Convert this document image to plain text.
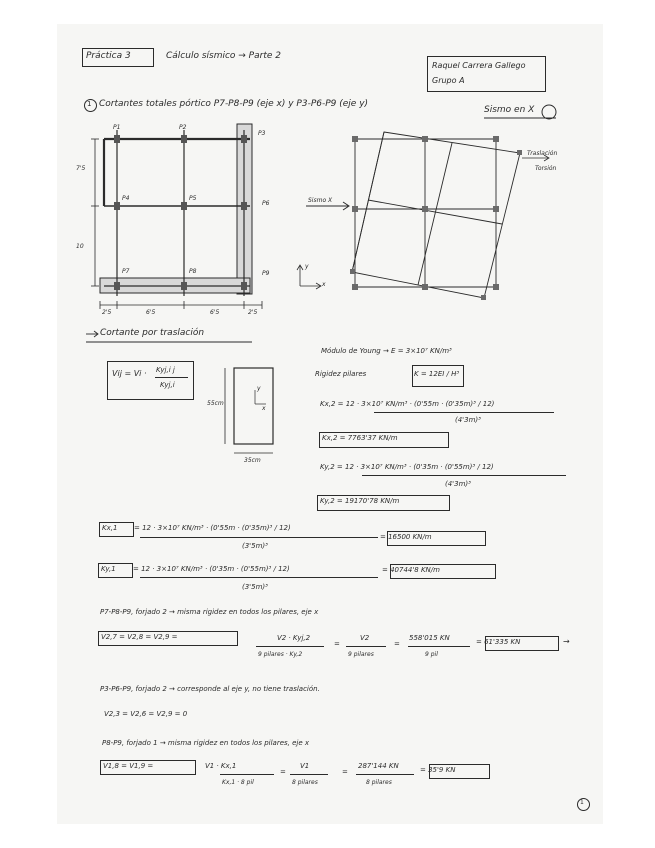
Práctica 3	Cálculo sísmico → Parte 2
Raquel Carrera Gallego
Grupo A
1 Cortantes totales pórtico P7-P8-P9 (eje x) y P3-P6-P9 (eje y)
Sismo en X
P1	P2
P3
P4	P5
P6
P7	P8	P9
7'5
10
2'5	6'5	6'5	2'5
y
x
Sismo X
Traslación
Torsión
Cortante por traslación
Vij = Vi · Kyj,i j
Kyj,i
55cm
35cm
y
x
Módulo de Young → E = 3×10⁷ KN/m³
Rigidez pilares	K = 12EI / H³
Kx,2 = 12 · 3×10⁷ KN/m³ · (0'55m · (0'35m)³ / 12)
(4'3m)³
Kx,2 = 7763'37 KN/m
Ky,2 = 12 · 3×10⁷ KN/m³ · (0'35m · (0'55m)³ / 12)
(4'3m)³
Ky,2 = 19170'78 KN/m
Kx,1 = 12 · 3×10⁷ KN/m³ · (0'55m · (0'35m)³ / 12)
(3'5m)³
= 16500 KN/m
Ky,1 = 12 · 3×10⁷ KN/m³ · (0'35m · (0'55m)³ / 12)
(3'5m)³
= 40744'8 KN/m
P7-P8-P9, forjado 2 → misma rigidez en todos los pilares, eje x
V2,7 = V2,8 = V2,9 =	V2 · Kyj,2
9 pilares · Ky,2
=
V2
9 pilares
=
558'015 KN
9 pil
= 61'335 KN	→
P3-P6-P9, forjado 2 → corresponde al eje y, no tiene traslación.
V2,3 = V2,6 = V2,9 = 0
P8-P9, forjado 1 → misma rigidez en todos los pilares, eje x
V1,8 = V1,9 =	V1 · Kx,1
Kx,1 · 8 pil
=
V1
8 pilares
=
287'144 KN
8 pilares
= 35'9 KN
1
